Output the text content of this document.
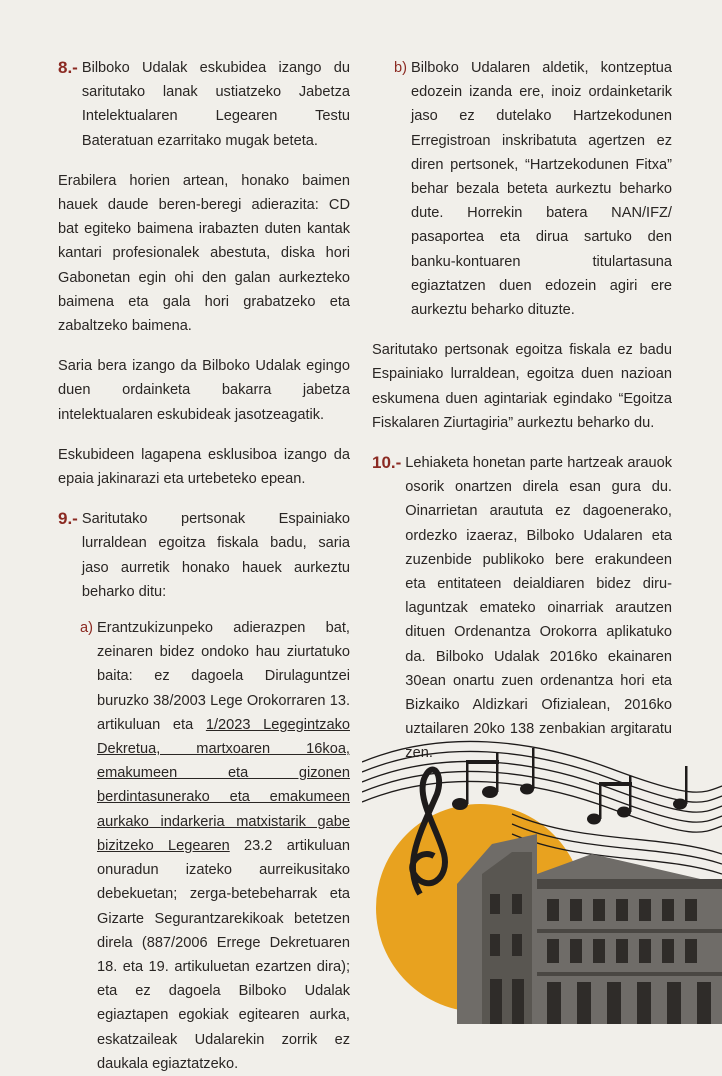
8.- Bilboko Udalak eskubidea izango du saritutako lanak ustiatzeko Jabetza Intelektualaren Legearen Testu Bateratuan ezarritako mugak beteta.

Erabilera horien artean, honako baimen hauek daude beren-beregi adierazita: CD bat egiteko baimena irabazten duten kantak kantari profesionalek abestuta, diska hori Gabonetan egin ohi den galan aurkezteko baimena eta gala hori grabatzeko eta zabaltzeko baimena.

Saria bera izango da Bilboko Udalak egingo duen ordainketa bakarra jabetza intelektualaren eskubideak jasotzeagatik.

Eskubideen lagapena esklusiboa izango da epaia jakinarazi eta urtebeteko epean.

9.- Saritutako pertsonak Espainiako lurraldean egoitza fiskala badu, saria jaso aurretik honako hauek aurkeztu beharko ditu:

a) Erantzukizunpeko adierazpen bat, zeinaren bidez ondoko hau ziurtatuko baita: ez dagoela Dirulaguntzei buruzko 38/2003 Lege Orokorraren 13. artikuluan eta 1/2023 Legegintzako Dekretua, martxoaren 16koa, emakumeen eta gizonen berdintasunerako eta emakumeen aurkako indarkeria matxistarik gabe bizitzeko Legearen 23.2 artikuluan onuradun izateko aurreikusitako debekuetan; zerga-betebeharrak eta Gizarte Segurantzarekikoak betetzen direla (887/2006 Errege Dekretuaren 18. eta 19. artikuluetan ezartzen dira); eta ez dagoela Bilboko Udalak egiaztapen egokiak egitearen aurka, eskatzaileak Udalarekin zorrik ez daukala egiaztatzeko.

b) Bilboko Udalaren aldetik, kontzeptua edozein izanda ere, inoiz ordainketarik jaso ez dutelako Hartzekodunen Erregistroan inskribatuta agertzen ez diren pertsonek, “Hartzekodunen Fitxa” behar bezala beteta aurkeztu beharko dute. Horrekin batera NAN/IFZ/ pasaportea eta dirua sartuko den banku-kontuaren titulartasuna egiaztatzen duen edozein agiri ere aurkeztu beharko dituzte.

Saritutako pertsonak egoitza fiskala ez badu Espainiako lurraldean, egoitza duen nazioan eskumena duen agintariak egindako “Egoitza Fiskalaren Ziurtagiria” aurkeztu beharko du.

10.- Lehiaketa honetan parte hartzeak arauok osorik onartzen direla esan gura du. Oinarrietan araututa ez dagoenerako, ordezko izaeraz, Bilboko Udalaren eta zuzenbide publikoko bere erakundeen eta entitateen deialdiaren bidez diru-laguntzak emateko oinarriak arautzen dituen Ordenantza Orokorra aplikatuko da. Bilboko Udalak 2016ko ekainaren 30ean onartu zuen ordenantza hori eta Bizkaiko Aldizkari Ofizialean, 2016ko uztailaren 20ko 138 zenbakian argitaratu zen.
